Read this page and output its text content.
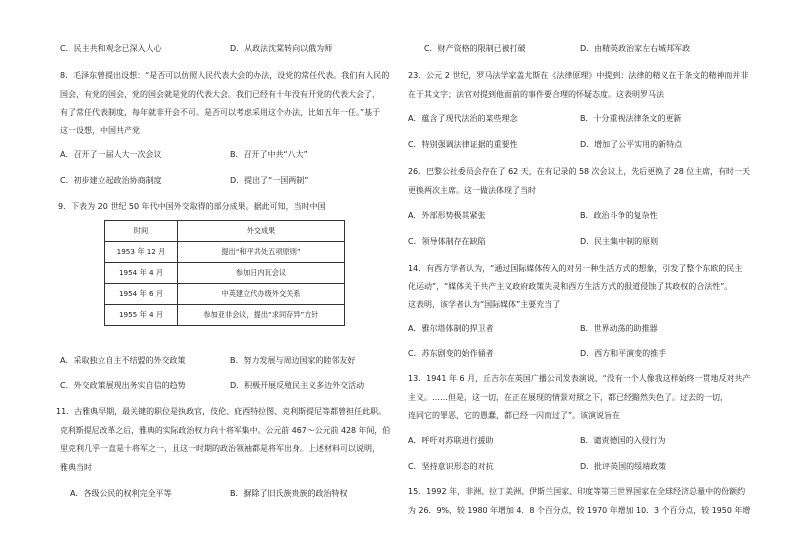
C．民主共和观念已深入人心	D．从政法沈棠转向以俄为师
8．毛泽东曾提出设想：“是否可以仿照人民代表大会的办法，设党的常任代表。我们有人民的
国会，有党的国会，党的国会就是党的代表大会。我们已经有十年没有开党的代表大会了，
有了常任代表制度，每年就非开会不可。是否可以考虑采用这个办法，比如五年一任。”基于
这一设想，中国共产党
A．召开了一届人大一次会议	B．召开了中共“八大”
C．初步建立起政治协商制度	D．提出了“一国两制”
9．下表为 20 世纪 50 年代中国外交取得的部分成果。据此可知，当时中国
时间	外交成果
1953 年 12 月	提出“和平共处五项原则”
1954 年 4 月	参加日内瓦会议
1954 年 6 月	中英建立代办级外交关系
1955 年 4 月	参加亚非会议，提出“求同存异”方针
A．采取独立自主不结盟的外交政策	B．努力发展与周边国家的睦邻友好
C．外交政策展现出务实自信的趋势	D．积极开展反殖民主义多边外交活动
11．古雅典早期，最关键的职位是执政官，伎伦、庇西特拉图、克利斯提尼等都曾担任此职。
克利斯提尼改革之后，雅典的实际政治权力向十将军集中。公元前 467～公元前 428 年间，伯
里克利几乎一直是十将军之一，且这一时期的政治领袖都是将军出身。上述材料可以说明，
雅典当时
A．各级公民的权利完全平等	B．摒除了旧氏族贵族的政治特权
C．财产资格的限制已被打破	D．由精英政治家左右城邦军政
23．公元 2 世纪，罗马法学家盖尤斯在《法律原理》中提到：法律的精义在于条文的精神而并非
在于其文字；法官对提到他面前的事件要合理的怀疑态度。这表明罗马法
A．蕴含了现代法治的某些理念	B．十分重视法律条文的更新
C．特别强调法律证据的重要性	D．增加了公平实用的新特点
26．巴黎公社委员会存在了 62 天，在有记录的 58 次会议上，先后更换了 28 位主席，有时一天
更换两次主席。这一做法体现了当时
A．外部形势极其紧张	B．政治斗争的复杂性
C．领导体制存在缺陷	D．民主集中制的原则
14．有西方学者认为，“通过国际媒体传入的对另一种生活方式的想象，引发了整个东欧的民主
化运动”，“媒体关于共产主义政府政策失灵和西方生活方式的报道侵蚀了其政权的合法性”。
这表明，该学者认为“国际媒体”主要充当了
A．雅尔塔体制的捍卫者	B．世界动荡的助推器
C．苏东剧变的始作俑者	D．西方和平演变的推手
13．1941 年 6 月，丘吉尔在英国广播公司发表演说，“没有一个人像我这样始终一贯地反对共产
主义。……但是，这一切，在正在展现的情景对照之下，都已经黯然失色了。过去的一切，
连同它的罪恶，它的愚蠢，都已经一闪而过了”。该演说旨在
A．呼吁对苏联进行援助	B．谴责德国的入侵行为
C．坚持意识形态的对抗	D．批评英国的绥靖政策
15．1992 年，非洲、拉丁美洲、伊斯兰国家、印度等第三世界国家在全球经济总量中的份额约
为 26．9%，较 1980 年增加 4．8 个百分点，较 1970 年增加 10．3 个百分点，较 1950 年增
